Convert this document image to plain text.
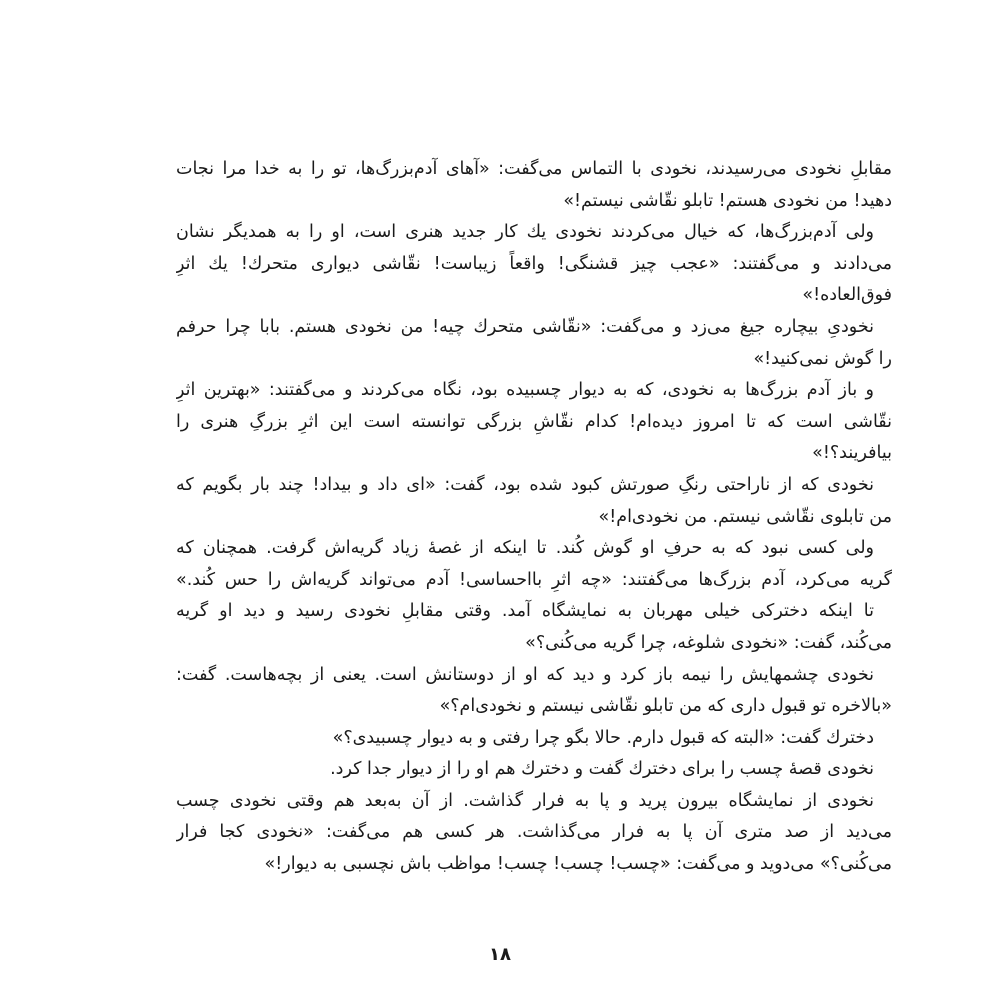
مقابلِ نخودی می‌رسیدند، نخودی با التماس می‌گفت: «آهای آدم‌بزرگ‌ها، تو را به خدا مرا نجات
دهید! من نخودی هستم! تابلو نقّاشی نیستم!»
ولی آدم‌بزرگ‌ها، که خیال می‌کردند نخودی یك کار جدید هنری است، او را به همدیگر نشان
می‌دادند و می‌گفتند: «عجب چیز قشنگی! واقعاً زیباست! نقّاشی دیواری متحرك! یك اثرِ
فوق‌العاده!»
نخودیِ بیچاره جیغ می‌زد و می‌گفت: «نقّاشی متحرك چیه! من نخودی هستم. بابا چرا حرفم
را گوش نمی‌کنید!»
و باز آدم بزرگ‌ها به نخودی، که به دیوار چسبیده بود، نگاه می‌کردند و می‌گفتند: «بهترین اثرِ
نقّاشی است که تا امروز دیده‌ام! کدام نقّاشِ بزرگی توانسته است این اثرِ بزرگِ هنری را
بیافریند؟!»
نخودی که از ناراحتی رنگِ صورتش کبود شده بود، گفت: «ای داد و بیداد! چند بار بگویم که
من تابلوی نقّاشی نیستم. من نخودی‌ام!»
ولی کسی نبود که به حرفِ او گوش کُند. تا اینکه از غصهٔ زیاد گریه‌اش گرفت. همچنان که
گریه می‌کرد، آدم بزرگ‌ها می‌گفتند: «چه اثرِ بااحساسی! آدم می‌تواند گریه‌اش را حس کُند.»
تا اینکه دخترکی خیلی مهربان به نمایشگاه آمد. وقتی مقابلِ نخودی رسید و دید او گریه
می‌کُند، گفت: «نخودی شلوغه، چرا گریه می‌کُنی؟»
نخودی چشمهایش را نیمه باز کرد و دید که او از دوستانش است. یعنی از بچه‌هاست. گفت:
«بالاخره تو قبول داری که من تابلو نقّاشی نیستم و نخودی‌ام؟»
دخترك گفت: «البته که قبول دارم. حالا بگو چرا رفتی و به دیوار چسبیدی؟»
نخودی قصهٔ چسب را برای دخترك گفت و دخترك هم او را از دیوار جدا کرد.
نخودی از نمایشگاه بیرون پرید و پا به فرار گذاشت. از آن به‌بعد هم وقتی نخودی چسب
می‌دید از صد متری آن پا به فرار می‌گذاشت. هر کسی هم می‌گفت: «نخودی کجا فرار
می‌کُنی؟» می‌دوید و می‌گفت: «چسب! چسب! چسب! مواظب باش نچسبی به دیوار!»
۱۸
